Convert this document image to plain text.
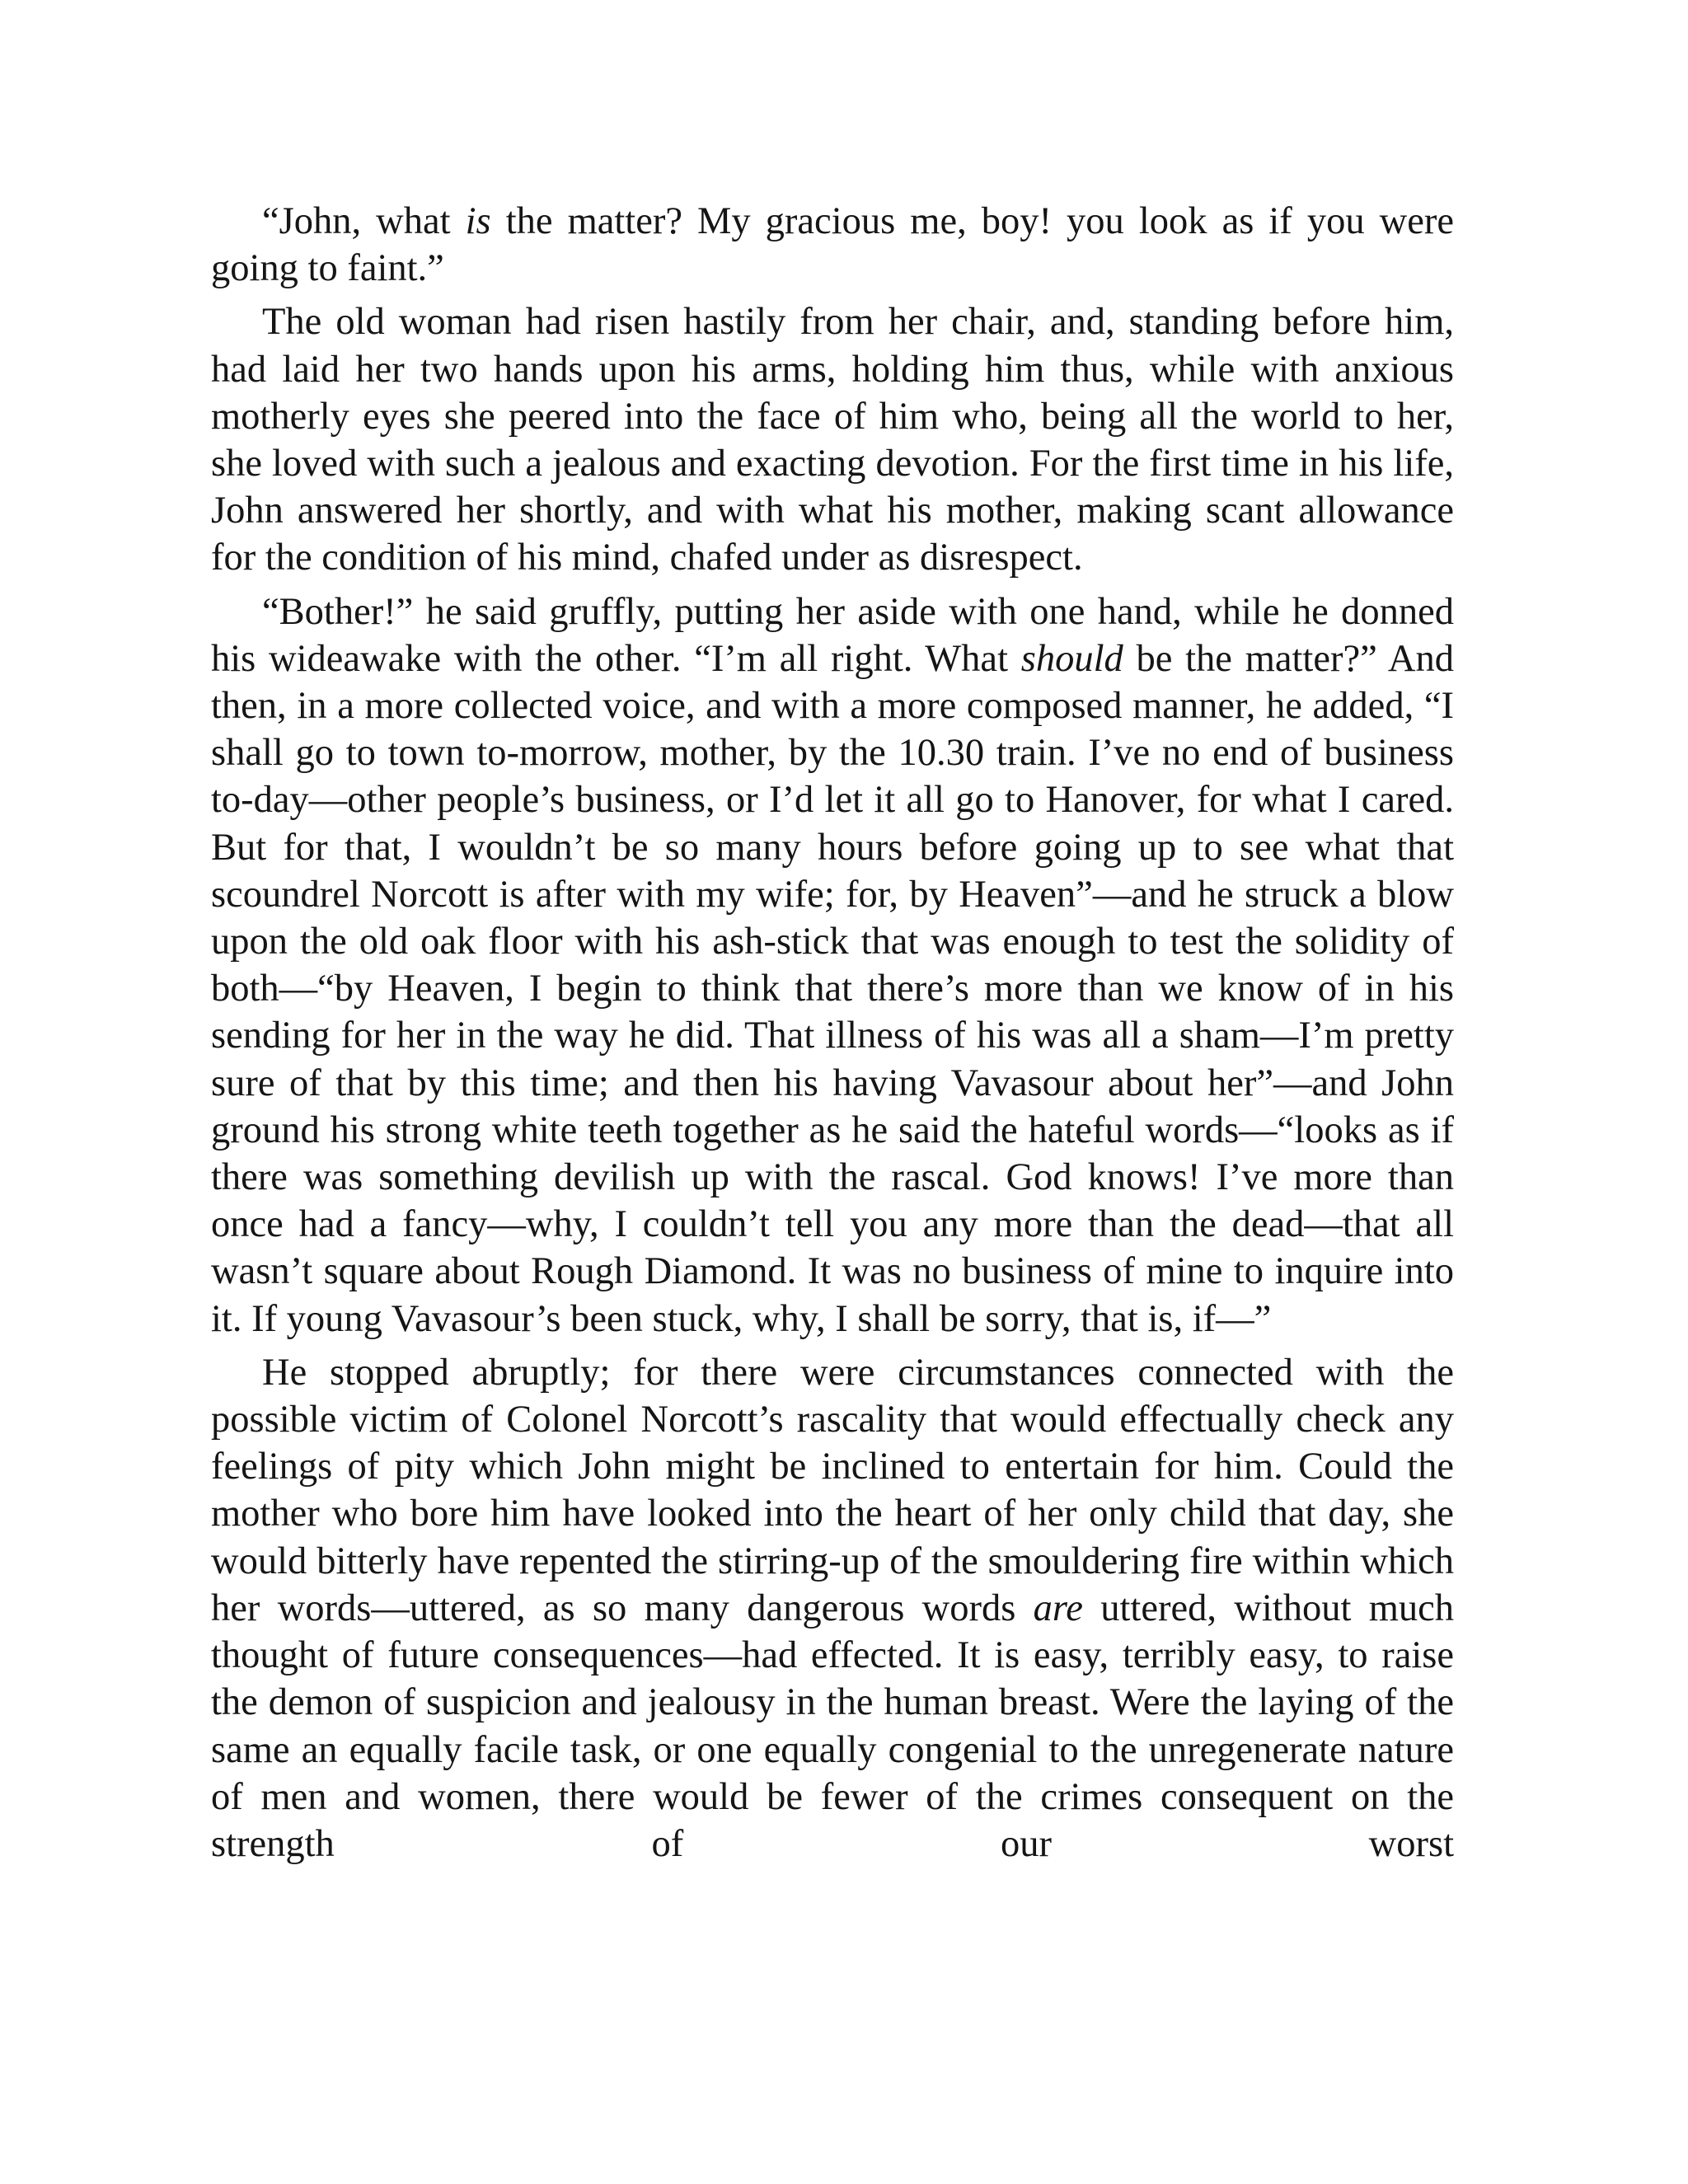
“John, what is the matter? My gracious me, boy! you look as if you were going to faint.”

The old woman had risen hastily from her chair, and, standing before him, had laid her two hands upon his arms, holding him thus, while with anxious motherly eyes she peered into the face of him who, being all the world to her, she loved with such a jealous and exacting devotion. For the first time in his life, John answered her shortly, and with what his mother, making scant allowance for the condition of his mind, chafed under as disrespect.

“Bother!” he said gruffly, putting her aside with one hand, while he donned his wideawake with the other. “I’m all right. What should be the matter?” And then, in a more collected voice, and with a more composed manner, he added, “I shall go to town to-morrow, mother, by the 10.30 train. I’ve no end of business to-day—other people’s business, or I’d let it all go to Hanover, for what I cared. But for that, I wouldn’t be so many hours before going up to see what that scoundrel Norcott is after with my wife; for, by Heaven”—and he struck a blow upon the old oak floor with his ash-stick that was enough to test the solidity of both—“by Heaven, I begin to think that there’s more than we know of in his sending for her in the way he did. That illness of his was all a sham—I’m pretty sure of that by this time; and then his having Vavasour about her”—and John ground his strong white teeth together as he said the hateful words—“looks as if there was something devilish up with the rascal. God knows! I’ve more than once had a fancy—why, I couldn’t tell you any more than the dead—that all wasn’t square about Rough Diamond. It was no business of mine to inquire into it. If young Vavasour’s been stuck, why, I shall be sorry, that is, if—”

He stopped abruptly; for there were circumstances connected with the possible victim of Colonel Norcott’s rascality that would effectually check any feelings of pity which John might be inclined to entertain for him. Could the mother who bore him have looked into the heart of her only child that day, she would bitterly have repented the stirring-up of the smouldering fire within which her words—uttered, as so many dangerous words are uttered, without much thought of future consequences—had effected. It is easy, terribly easy, to raise the demon of suspicion and jealousy in the human breast. Were the laying of the same an equally facile task, or one equally congenial to the unregenerate nature of men and women, there would be fewer of the crimes consequent on the strength of our worst
